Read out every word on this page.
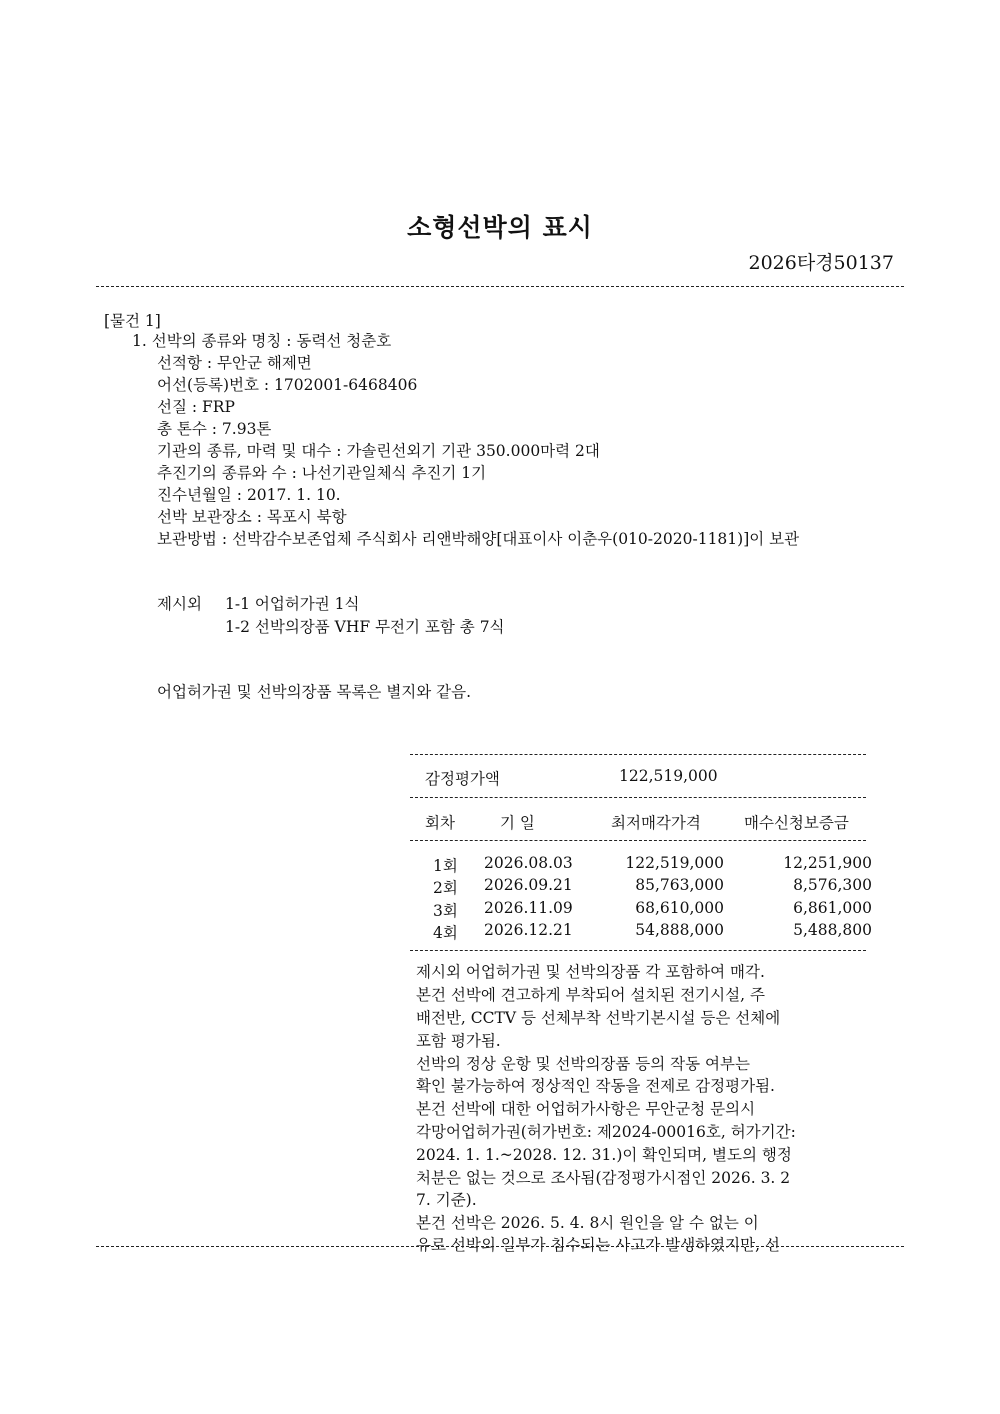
소형선박의 표시
2026타경50137
[물건 1]
1. 선박의 종류와 명칭 : 동력선 청춘호
선적항 : 무안군 해제면
어선(등록)번호 : 1702001-6468406
선질 : FRP
총 톤수 : 7.93톤
기관의 종류, 마력 및 대수 : 가솔린선외기 기관 350.000마력 2대
추진기의 종류와 수 : 나선기관일체식 추진기 1기
진수년월일 : 2017. 1. 10.
선박 보관장소 : 목포시 북항
보관방법 : 선박감수보존업체 주식회사 리앤박해양[대표이사 이춘우(010-2020-1181)]이 보관
제시외 1-1 어업허가권 1식
1-2 선박의장품 VHF 무전기 포함 총 7식
어업허가권 및 선박의장품 목록은 별지와 같음.
감정평가액	122,519,000
회차	기 일	최저매각가격	매수신청보증금
1회 2026.08.03	122,519,000	12,251,900
2회 2026.09.21	85,763,000	8,576,300
3회 2026.11.09	68,610,000	6,861,000
4회 2026.12.21	54,888,000	5,488,800
제시외 어업허가권 및 선박의장품 각 포함하여 매각.
본건 선박에 견고하게 부착되어 설치된 전기시설, 주
배전반, CCTV 등 선체부착 선박기본시설 등은 선체에
포함 평가됨.
선박의 정상 운항 및 선박의장품 등의 작동 여부는
확인 불가능하여 정상적인 작동을 전제로 감정평가됨.
본건 선박에 대한 어업허가사항은 무안군청 문의시
각망어업허가권(허가번호: 제2024-00016호, 허가기간:
2024. 1. 1.~2028. 12. 31.)이 확인되며, 별도의 행정
처분은 없는 것으로 조사됨(감정평가시점인 2026. 3. 2
7. 기준).
본건 선박은 2026. 5. 4. 8시 원인을 알 수 없는 이
유로 선박의 일부가 침수되는 사고가 발생하였지만, 선
